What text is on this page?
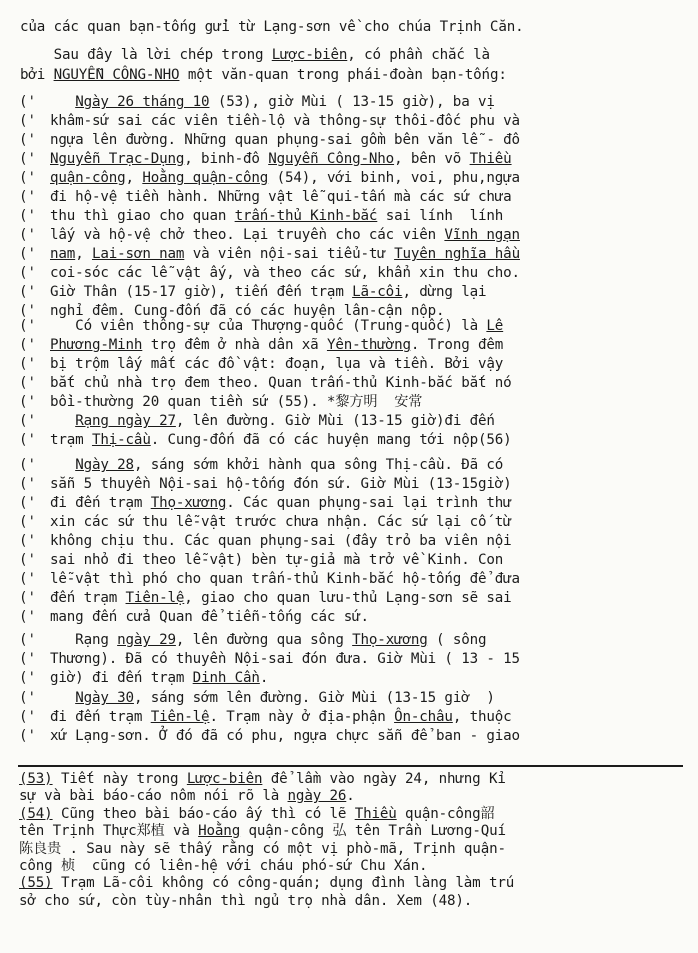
của các quan bạn-tống gửi từ Lạng-sơn về cho chúa Trịnh Căn.
Sau đây là lời chép trong Lược-biên, có phần chắc là
bởi NGUYỄN CÔNG-NHO một văn-quan trong phái-đoàn bạn-tống:
('	Ngày 26 tháng 10 (53), giờ Mùi ( 13-15 giờ), ba vị
(' khâm-sứ sai các viên tiền-lộ và thông-sự thôi-đốc phu và
(' ngựa lên đường. Những quan phụng-sai gồm bên văn lễ - đô
(' Nguyễn Trạc-Dụng, binh-đô Nguyễn Công-Nho, bên võ Thiều
(' quận-công, Hoằng quận-công (54), với binh, voi, phu,ngựa
(' đi hộ-vệ tiền hành. Những vật lễ qui-tấn mà các sứ chưa
(' thu thì giao cho quan trấn-thủ Kinh-bắc sai lính  lính
(' lấy và hộ-vệ chở theo. Lại truyền cho các viên Vĩnh ngạn
(' nam, Lai-sơn nam và viên nội-sai tiểu-tư Tuyên nghĩa hầu
(' coi-sóc các lễ vật ấy, và theo các sứ, khẩn xin thu cho.
(' Giờ Thân (15-17 giờ), tiến đến trạm Lã-côi, dừng lại
(' nghỉ đêm. Cung-đốn đã có các huyện lân-cận nộp.
(' Có viên thông-sự của Thượng-quốc (Trung-quốc) là Lê
(' Phương-Minh trọ đêm ở nhà dân xã Yên-thường. Trong đêm
(' bị trộm lấy mất các đồ vật: đoạn, lụa và tiền. Bởi vậy
(' bắt chủ nhà trọ đem theo. Quan trấn-thủ Kinh-bắc bắt nó
(' bồi-thường 20 quan tiền sứ (55). *黎方明  安常
('	Rạng ngày 27, lên đường. Giờ Mùi (13-15 giờ)đi đến
(' trạm Thị-cầu. Cung-đốn đã có các huyện mang tới nộp(56)
('	Ngày 28, sáng sớm khởi hành qua sông Thị-cầu. Đã có
(' sẵn 5 thuyền Nội-sai hộ-tống đón sứ. Giờ Mùi (13-15giờ)
(' đi đến trạm Thọ-xương. Các quan phụng-sai lại trình thư
(' xin các sứ thu lễ-vật trước chưa nhận. Các sứ lại cố từ
(' không chịu thu. Các quan phụng-sai (đây trỏ ba viên nội
(' sai nhỏ đi theo lễ-vật) bèn tự-giả mà trở về Kinh. Con
(' lễ-vật thì phó cho quan trấn-thủ Kinh-bắc hộ-tống để đưa
(' đến trạm Tiên-lệ, giao cho quan lưu-thủ Lạng-sơn sẽ sai
(' mang đến cửa Quan để tiễn-tống các sứ.
(' Rạng ngày 29, lên đường qua sông Thọ-xương ( sông
(' Thương). Đã có thuyền Nội-sai đón đưa. Giờ Mùi ( 13 - 15
(' giờ) đi đến trạm Dinh Cần.
('	Ngày 30, sáng sớm lên đường. Giờ Mùi (13-15 giờ  )
(' đi đến trạm Tiên-lệ. Trạm này ở địa-phận Ôn-châu, thuộc
(' xứ Lạng-sơn. Ở đó đã có phu, ngựa chực sẵn để ban - giao
(53) Tiết này trong Lược-biên để lầm vào ngày 24, nhưng Kỉ
sự và bài báo-cáo nôm nói rõ là ngày 26.
(54) Cũng theo bài báo-cáo ấy thì có lẽ Thiều quận-công韶
tên Trịnh Thực郑植 và Hoằng quận-công 弘 tên Trần Lương-Quí
陈良贵 . Sau này sẽ thấy rằng có một vị phò-mã, Trịnh quận-
công 桢  cũng có liên-hệ với cháu phó-sứ Chu Xán.
(55) Trạm Lã-côi không có công-quán; dụng đình làng làm trú
sở cho sứ, còn tùy-nhân thì ngủ trọ nhà dân. Xem (48).
